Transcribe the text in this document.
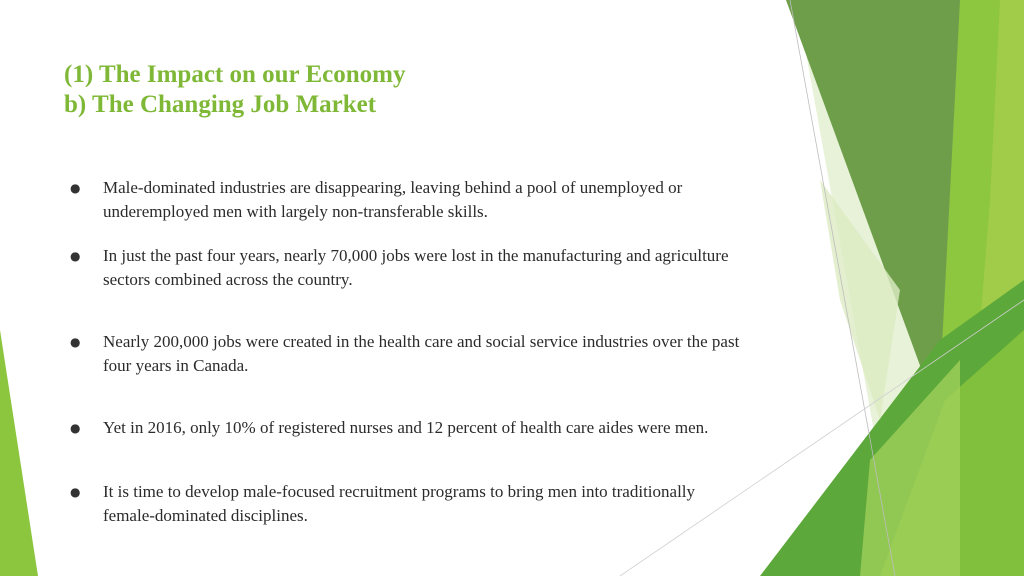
(1) The Impact on our Economy
b) The Changing Job Market
●	Male-dominated industries are disappearing, leaving behind a pool of unemployed or underemployed men with largely non-transferable skills.
●	In just the past four years, nearly 70,000 jobs were lost in the manufacturing and agriculture sectors combined across the country.
●	Nearly 200,000 jobs were created in the health care and social service industries over the past four years in Canada.
●	Yet in 2016, only 10% of registered nurses and 12 percent of health care aides were men.
●	It is time to develop male-focused recruitment programs to bring men into traditionally female-dominated disciplines.
